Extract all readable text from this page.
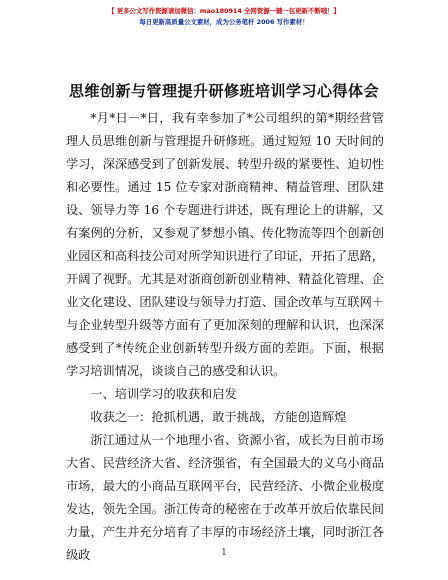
【 更多公文写作资源请加微信：mao180914 全网资源一键一包更新不断哦！】
每日更新高质量公文素材，成为公务笔杆 2006 写作素材！
思维创新与管理提升研修班培训学习心得体会

*月*日－*日，我有幸参加了*公司组织的第*期经营管理人员思维创新与管理提升研修班。通过短短 10 天时间的学习，深深感受到了创新发展、转型升级的紧要性、迫切性和必要性。通过 15 位专家对浙商精神、精益管理、团队建设、领导力等 16 个专题进行讲述，既有理论上的讲解，又有案例的分析，又参观了梦想小镇、传化物流等四个创新创业园区和高科技公司对所学知识进行了印证，开拓了思路，开阔了视野。尤其是对浙商创新创业精神、精益化管理、企业文化建设、团队建设与领导力打造、国企改革与互联网＋与企业转型升级等方面有了更加深刻的理解和认识，也深深感受到了*传统企业创新转型升级方面的差距。下面，根据学习培训情况，谈谈自己的感受和认识。

一、培训学习的收获和启发

收获之一：抢抓机遇，敢于挑战，方能创造辉煌

浙江通过从一个地理小省、资源小省，成长为目前市场大省、民营经济大省、经济强省，有全国最大的义乌小商品市场，最大的小商品互联网平台，民营经济、小微企业极度发达，领先全国。浙江传奇的秘密在于改革开放后依靠民间力量，产生并充分培育了丰厚的市场经济土壤，同时浙江各级政	1
